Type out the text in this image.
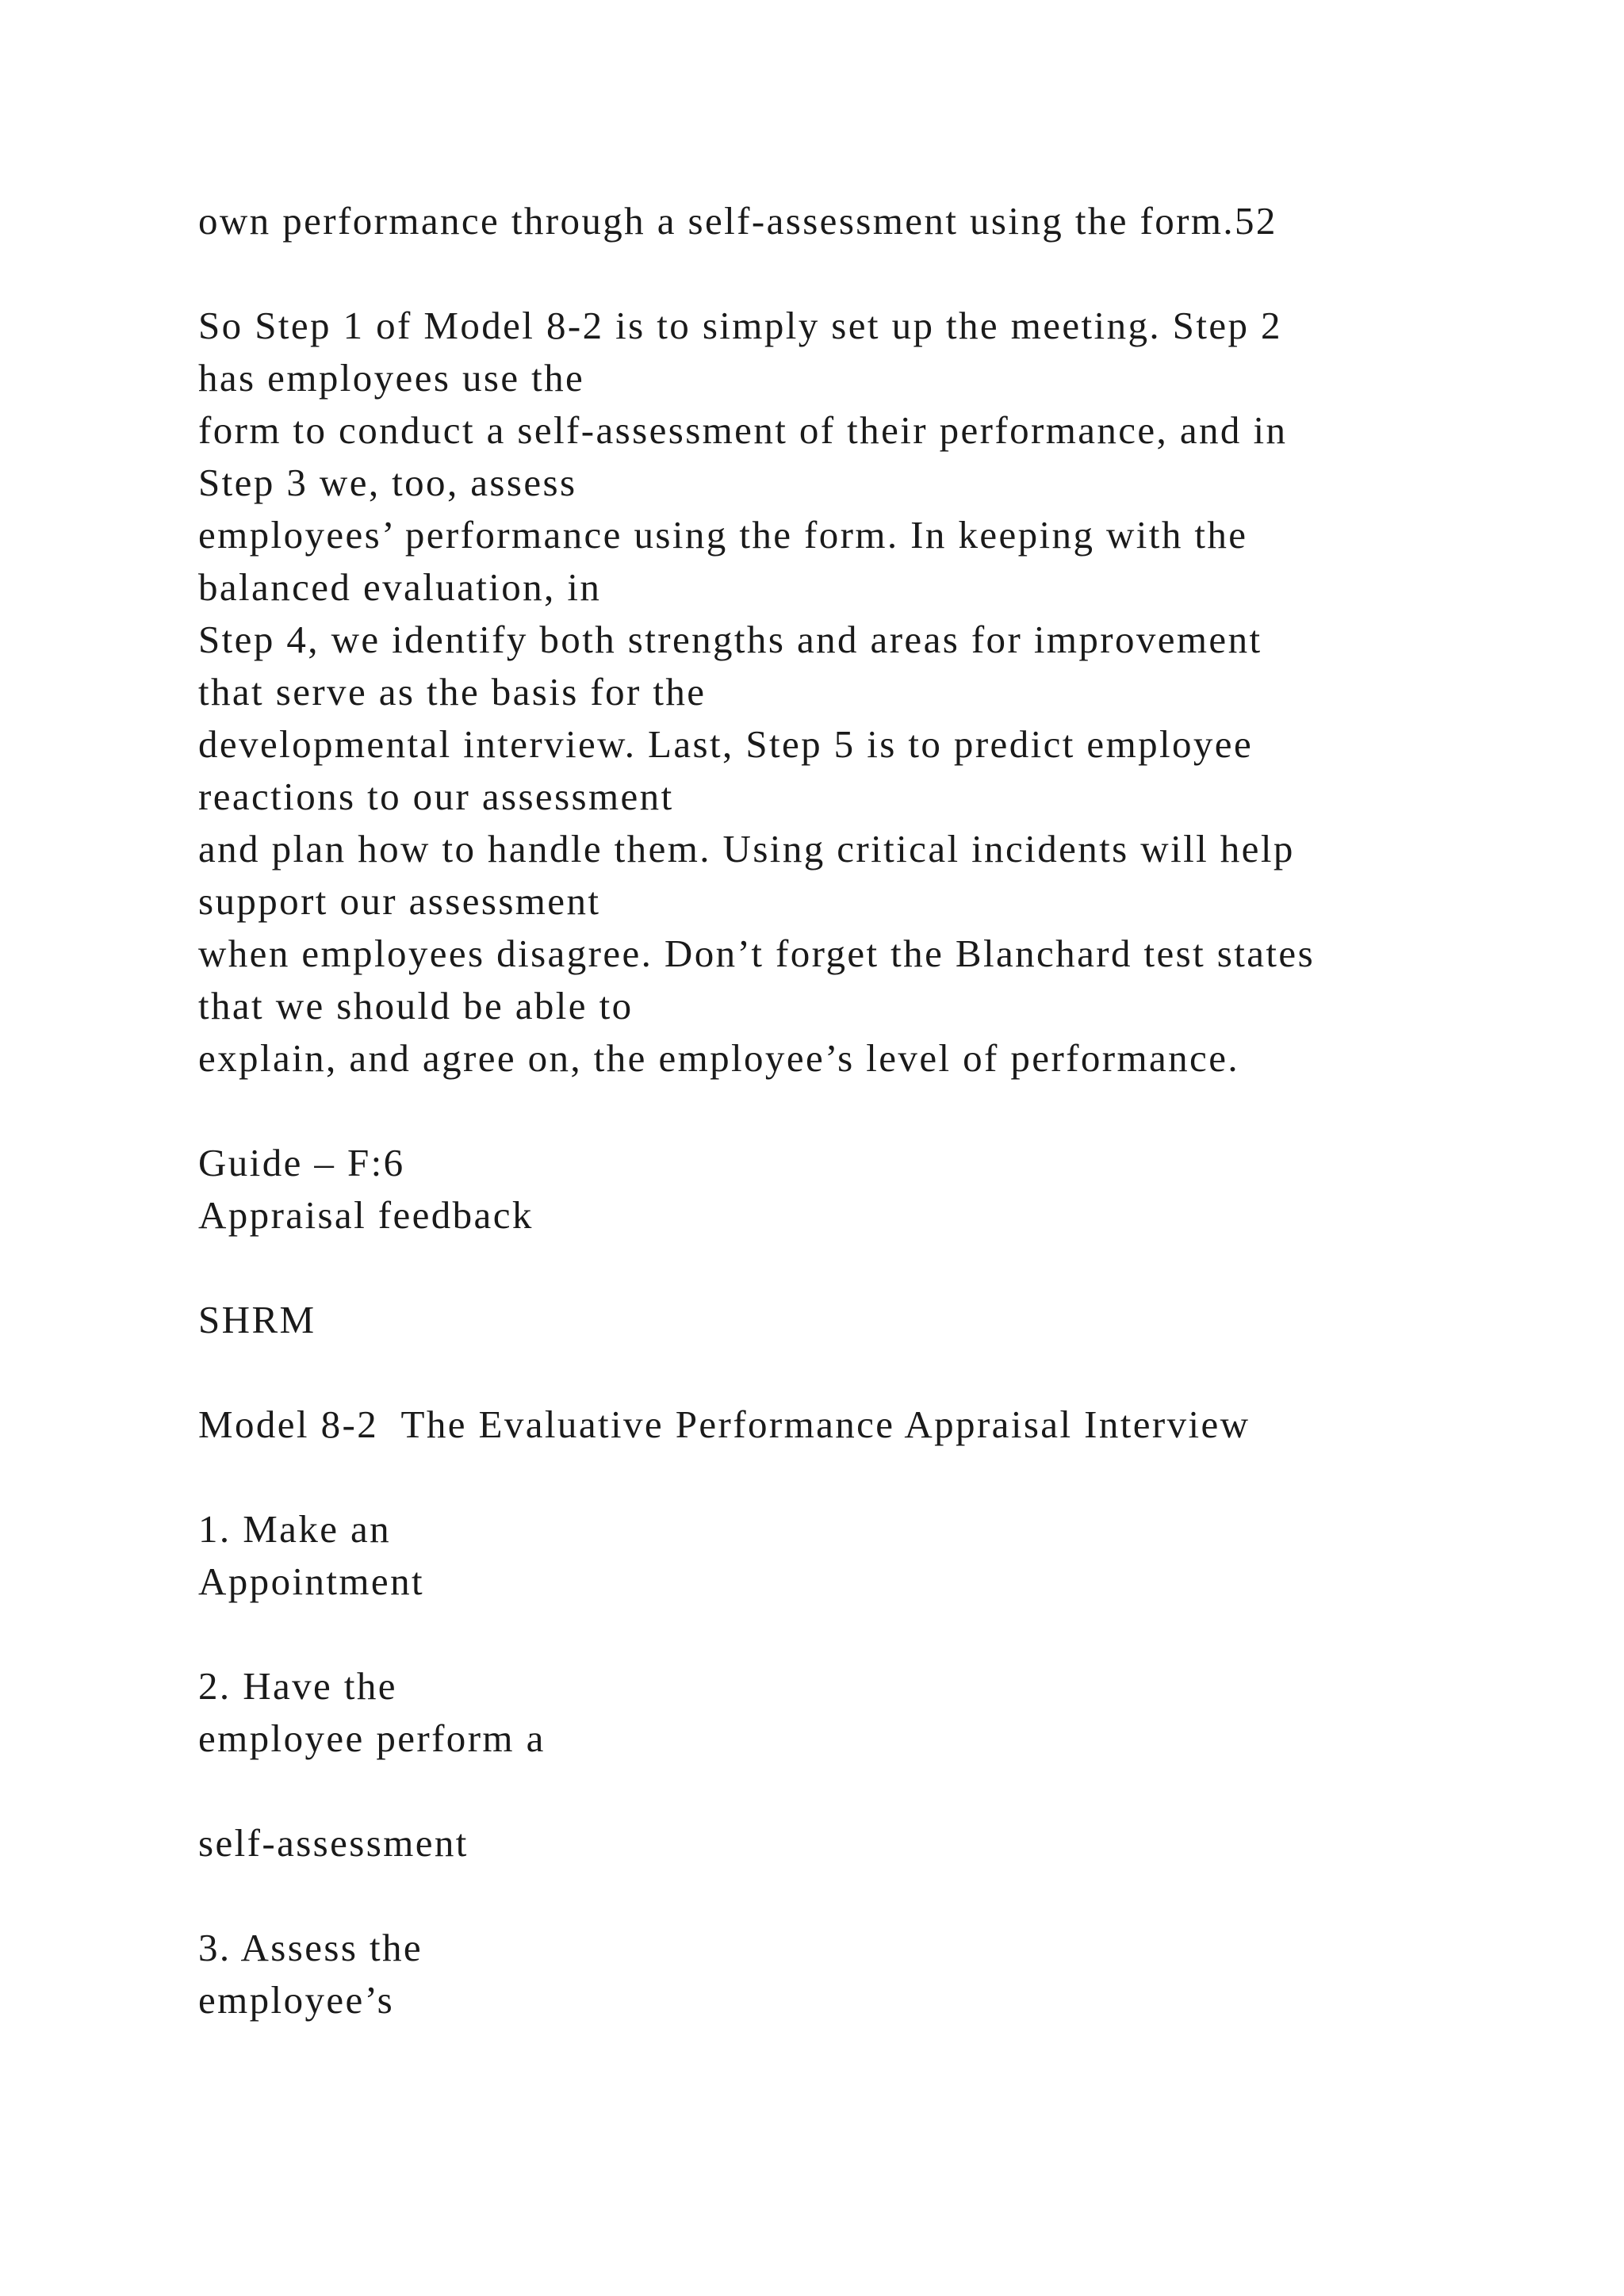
own performance through a self-assessment using the form.52
So Step 1 of Model 8-2 is to simply set up the meeting. Step 2
has employees use the
form to conduct a self-assessment of their performance, and in
Step 3 we, too, assess
employees’ performance using the form. In keeping with the
balanced evaluation, in
Step 4, we identify both strengths and areas for improvement
that serve as the basis for the
developmental interview. Last, Step 5 is to predict employee
reactions to our assessment
and plan how to handle them. Using critical incidents will help
support our assessment
when employees disagree. Don’t forget the Blanchard test states
that we should be able to
explain, and agree on, the employee’s level of performance.
Guide – F:6
Appraisal feedback
SHRM
Model 8-2  The Evaluative Performance Appraisal Interview
1. Make an
Appointment
2. Have the
employee perform a
self-assessment
3. Assess the
employee’s
